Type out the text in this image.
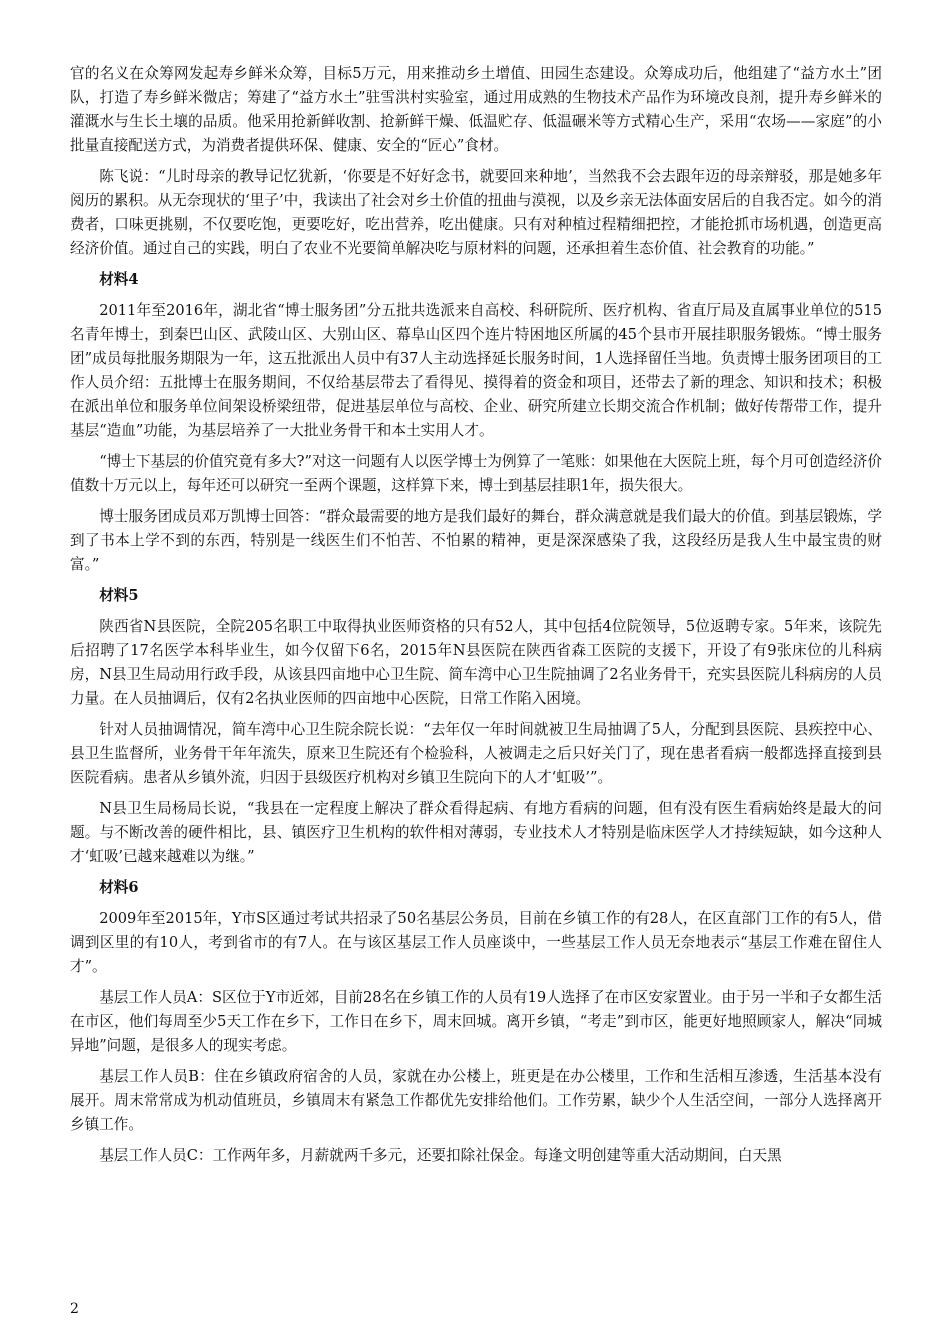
官的名义在众筹网发起寿乡鲜米众筹，目标5万元，用来推动乡土增值、田园生态建设。众筹成功后，他组建了“益方水土”团队，打造了寿乡鲜米微店；筹建了“益方水土”驻雪洪村实验室，通过用成熟的生物技术产品作为环境改良剂，提升寿乡鲜米的灌溉水与生长土壤的品质。他采用抢新鲜收割、抢新鲜干燥、低温贮存、低温碾米等方式精心生产，采用“农场——家庭”的小批量直接配送方式，为消费者提供环保、健康、安全的“匠心”食材。

陈飞说：“儿时母亲的教导记忆犹新，‘你要是不好好念书，就要回来种地’，当然我不会去跟年迈的母亲辩驳，那是她多年阅历的累积。从无奈现状的‘里子’中，我读出了社会对乡土价值的扭曲与漠视，以及乡亲无法体面安居后的自我否定。如今的消费者，口味更挑剔，不仅要吃饱，更要吃好，吃出营养，吃出健康。只有对种植过程精细把控，才能抢抓市场机遇，创造更高经济价值。通过自己的实践，明白了农业不光要简单解决吃与原材料的问题，还承担着生态价值、社会教育的功能。”

材料4

2011年至2016年，湖北省“博士服务团”分五批共选派来自高校、科研院所、医疗机构、省直厅局及直属事业单位的515名青年博士，到秦巴山区、武陵山区、大别山区、幕阜山区四个连片特困地区所属的45个县市开展挂职服务锻炼。“博士服务团”成员每批服务期限为一年，这五批派出人员中有37人主动选择延长服务时间，1人选择留任当地。负责博士服务团项目的工作人员介绍：五批博士在服务期间，不仅给基层带去了看得见、摸得着的资金和项目，还带去了新的理念、知识和技术；积极在派出单位和服务单位间架设桥梁纽带，促进基层单位与高校、企业、研究所建立长期交流合作机制；做好传帮带工作，提升基层“造血”功能，为基层培养了一大批业务骨干和本土实用人才。

“博士下基层的价值究竟有多大?”对这一问题有人以医学博士为例算了一笔账：如果他在大医院上班，每个月可创造经济价值数十万元以上，每年还可以研究一至两个课题，这样算下来，博士到基层挂职1年，损失很大。

博士服务团成员邓万凯博士回答：“群众最需要的地方是我们最好的舞台，群众满意就是我们最大的价值。到基层锻炼，学到了书本上学不到的东西，特别是一线医生们不怕苦、不怕累的精神，更是深深感染了我，这段经历是我人生中最宝贵的财富。”

材料5

陕西省N县医院，全院205名职工中取得执业医师资格的只有52人，其中包括4位院领导，5位返聘专家。5年来，该院先后招聘了17名医学本科毕业生，如今仅留下6名，2015年N县医院在陕西省森工医院的支援下，开设了有9张床位的儿科病房，N县卫生局动用行政手段，从该县四亩地中心卫生院、简车湾中心卫生院抽调了2名业务骨干，充实县医院儿科病房的人员力量。在人员抽调后，仅有2名执业医师的四亩地中心医院，日常工作陷入困境。

针对人员抽调情况，简车湾中心卫生院余院长说：“去年仅一年时间就被卫生局抽调了5人，分配到县医院、县疾控中心、县卫生监督所，业务骨干年年流失，原来卫生院还有个检验科，人被调走之后只好关门了，现在患者看病一般都选择直接到县医院看病。患者从乡镇外流，归因于县级医疗机构对乡镇卫生院向下的人才‘虹吸’”。

N县卫生局杨局长说，“我县在一定程度上解决了群众看得起病、有地方看病的问题，但有没有医生看病始终是最大的问题。与不断改善的硬件相比，县、镇医疗卫生机构的软件相对薄弱，专业技术人才特别是临床医学人才持续短缺，如今这种人才‘虹吸’已越来越难以为继。”

材料6

2009年至2015年，Y市S区通过考试共招录了50名基层公务员，目前在乡镇工作的有28人，在区直部门工作的有5人，借调到区里的有10人，考到省市的有7人。在与该区基层工作人员座谈中，一些基层工作人员无奈地表示“基层工作难在留住人才”。

基层工作人员A：S区位于Y市近郊，目前28名在乡镇工作的人员有19人选择了在市区安家置业。由于另一半和子女都生活在市区，他们每周至少5天工作在乡下，工作日在乡下，周末回城。离开乡镇，“考走”到市区，能更好地照顾家人，解决“同城异地”问题，是很多人的现实考虑。

基层工作人员B：住在乡镇政府宿舍的人员，家就在办公楼上，班更是在办公楼里，工作和生活相互渗透，生活基本没有展开。周末常常成为机动值班员，乡镇周末有紧急工作都优先安排给他们。工作劳累，缺少个人生活空间，一部分人选择离开乡镇工作。

基层工作人员C：工作两年多，月薪就两千多元，还要扣除社保金。每逢文明创建等重大活动期间，白天黑

2
